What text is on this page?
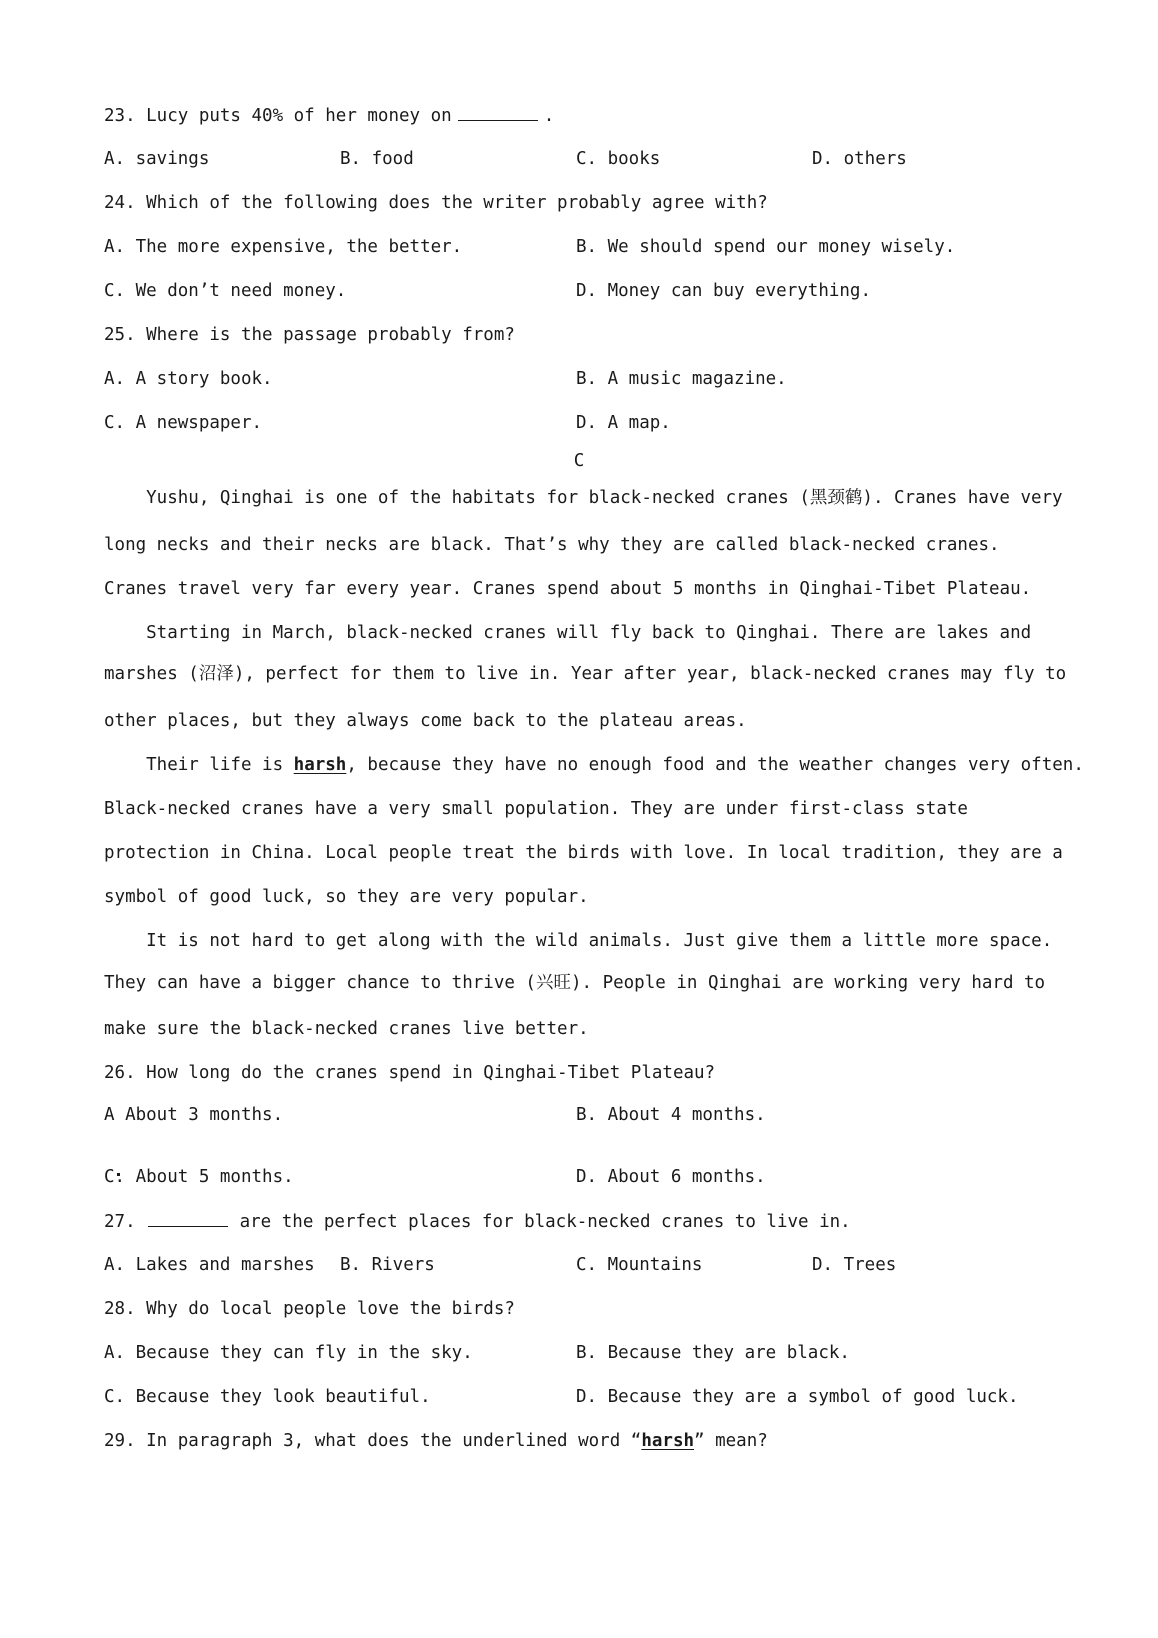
23. Lucy puts 40% of her money on	.
A. savings	B. food	C. books	D. others
24. Which of the following does the writer probably agree with?
A. The more expensive, the better.	B. We should spend our money wisely.
C. We don’t need money.	D. Money can buy everything.
25. Where is the passage probably from?
A. A story book.	B. A music magazine.
C. A newspaper.	D. A map.
C
Yushu, Qinghai is one of the habitats for black-necked cranes (黑颈鹤). Cranes have very
long necks and their necks are black. That’s why they are called black-necked cranes.
Cranes travel very far every year. Cranes spend about 5 months in Qinghai-Tibet Plateau.
Starting in March, black-necked cranes will fly back to Qinghai. There are lakes and
marshes (沼泽), perfect for them to live in. Year after year, black-necked cranes may fly to
other places, but they always come back to the plateau areas.
Their life is harsh, because they have no enough food and the weather changes very often.
Black-necked cranes have a very small population. They are under first-class state
protection in China. Local people treat the birds with love. In local tradition, they are a
symbol of good luck, so they are very popular.
It is not hard to get along with the wild animals. Just give them a little more space.
They can have a bigger chance to thrive (兴旺). People in Qinghai are working very hard to
make sure the black-necked cranes live better.
26. How long do the cranes spend in Qinghai-Tibet Plateau?
A About 3 months.	B. About 4 months.
C. About 5 months.	D. About 6 months.
27.	are the perfect places for black-necked cranes to live in.
A. Lakes and marshes B. Rivers	C. Mountains	D. Trees
28. Why do local people love the birds?
A. Because they can fly in the sky.	B. Because they are black.
C. Because they look beautiful.	D. Because they are a symbol of good luck.
29. In paragraph 3, what does the underlined word “harsh” mean?
